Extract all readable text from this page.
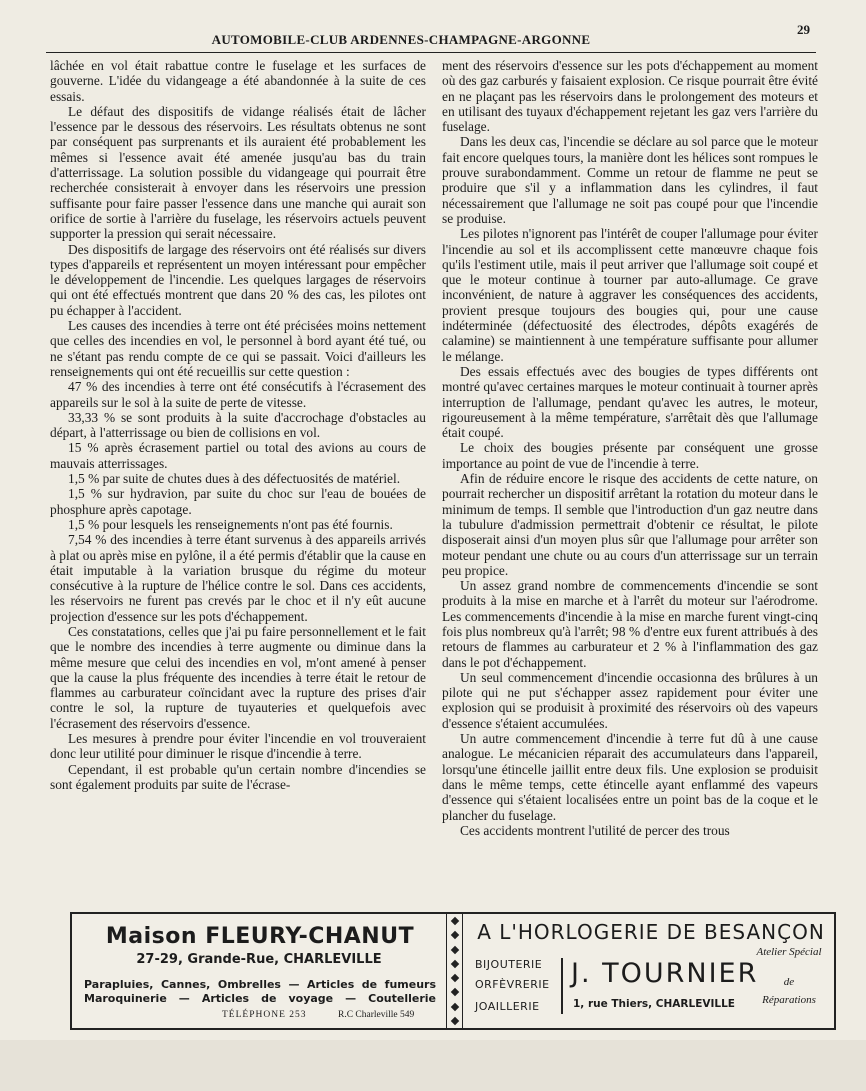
AUTOMOBILE-CLUB ARDENNES-CHAMPAGNE-ARGONNE
29

lâchée en vol était rabattue contre le fuselage et les surfaces de gouverne. L'idée du vidangeage a été abandonnée à la suite de ces essais.

Le défaut des dispositifs de vidange réalisés était de lâcher l'essence par le dessous des réservoirs. Les résultats obtenus ne sont par conséquent pas surprenants et ils auraient été probablement les mêmes si l'essence avait été amenée jusqu'au bas du train d'atterrissage. La solution possible du vidangeage qui pourrait être recherchée consisterait à envoyer dans les réservoirs une pression suffisante pour faire passer l'essence dans une manche qui aurait son orifice de sortie à l'arrière du fuselage, les réservoirs actuels peuvent supporter la pression qui serait nécessaire.

Des dispositifs de largage des réservoirs ont été réalisés sur divers types d'appareils et représentent un moyen intéressant pour empêcher le développement de l'incendie. Les quelques largages de réservoirs qui ont été effectués montrent que dans 20 % des cas, les pilotes ont pu échapper à l'accident.

Les causes des incendies à terre ont été précisées moins nettement que celles des incendies en vol, le personnel à bord ayant été tué, ou ne s'étant pas rendu compte de ce qui se passait. Voici d'ailleurs les renseignements qui ont été recueillis sur cette question :

47 % des incendies à terre ont été consécutifs à l'écrasement des appareils sur le sol à la suite de perte de vitesse.

33,33 % se sont produits à la suite d'accrochage d'obstacles au départ, à l'atterrissage ou bien de collisions en vol.

15 % après écrasement partiel ou total des avions au cours de mauvais atterrissages.

1,5 % par suite de chutes dues à des défectuosités de matériel.

1,5 % sur hydravion, par suite du choc sur l'eau de bouées de phosphure après capotage.

1,5 % pour lesquels les renseignements n'ont pas été fournis.

7,54 % des incendies à terre étant survenus à des appareils arrivés à plat ou après mise en pylône, il a été permis d'établir que la cause en était imputable à la variation brusque du régime du moteur consécutive à la rupture de l'hélice contre le sol. Dans ces accidents, les réservoirs ne furent pas crevés par le choc et il n'y eût aucune projection d'essence sur les pots d'échappement.

Ces constatations, celles que j'ai pu faire personnellement et le fait que le nombre des incendies à terre augmente ou diminue dans la même mesure que celui des incendies en vol, m'ont amené à penser que la cause la plus fréquente des incendies à terre était le retour de flammes au carburateur coïncidant avec la rupture des prises d'air contre le sol, la rupture de tuyauteries et quelquefois avec l'écrasement des réservoirs d'essence.

Les mesures à prendre pour éviter l'incendie en vol trouveraient donc leur utilité pour diminuer le risque d'incendie à terre.

Cependant, il est probable qu'un certain nombre d'incendies se sont également produits par suite de l'écrase-

ment des réservoirs d'essence sur les pots d'échappement au moment où des gaz carburés y faisaient explosion. Ce risque pourrait être évité en ne plaçant pas les réservoirs dans le prolongement des moteurs et en utilisant des tuyaux d'échappement rejetant les gaz vers l'arrière du fuselage.

Dans les deux cas, l'incendie se déclare au sol parce que le moteur fait encore quelques tours, la manière dont les hélices sont rompues le prouve surabondamment. Comme un retour de flamme ne peut se produire que s'il y a inflammation dans les cylindres, il faut nécessairement que l'allumage ne soit pas coupé pour que l'incendie se produise.

Les pilotes n'ignorent pas l'intérêt de couper l'allumage pour éviter l'incendie au sol et ils accomplissent cette manœuvre chaque fois qu'ils l'estiment utile, mais il peut arriver que l'allumage soit coupé et que le moteur continue à tourner par auto-allumage. Ce grave inconvénient, de nature à aggraver les conséquences des accidents, provient presque toujours des bougies qui, pour une cause indéterminée (défectuosité des électrodes, dépôts exagérés de calamine) se maintiennent à une température suffisante pour allumer le mélange.

Des essais effectués avec des bougies de types différents ont montré qu'avec certaines marques le moteur continuait à tourner après interruption de l'allumage, pendant qu'avec les autres, le moteur, rigoureusement à la même température, s'arrêtait dès que l'allumage était coupé.

Le choix des bougies présente par conséquent une grosse importance au point de vue de l'incendie à terre.

Afin de réduire encore le risque des accidents de cette nature, on pourrait rechercher un dispositif arrêtant la rotation du moteur dans le minimum de temps. Il semble que l'introduction d'un gaz neutre dans la tubulure d'admission permettrait d'obtenir ce résultat, le pilote disposerait ainsi d'un moyen plus sûr que l'allumage pour arrêter son moteur pendant une chute ou au cours d'un atterrissage sur un terrain peu propice.

Un assez grand nombre de commencements d'incendie se sont produits à la mise en marche et à l'arrêt du moteur sur l'aérodrome. Les commencements d'incendie à la mise en marche furent vingt-cinq fois plus nombreux qu'à l'arrêt; 98 % d'entre eux furent attribués à des retours de flammes au carburateur et 2 % à l'inflammation des gaz dans le pot d'échappement.

Un seul commencement d'incendie occasionna des brûlures à un pilote qui ne put s'échapper assez rapidement pour éviter une explosion qui se produisit à proximité des réservoirs où des vapeurs d'essence s'étaient accumulées.

Un autre commencement d'incendie à terre fut dû à une cause analogue. Le mécanicien réparait des accumulateurs dans l'appareil, lorsqu'une étincelle jaillit entre deux fils. Une explosion se produisit dans le même temps, cette étincelle ayant enflammé des vapeurs d'essence qui s'étaient localisées entre un point bas de la coque et le plancher du fuselage.

Ces accidents montrent l'utilité de percer des trous

Maison FLEURY-CHANUT
27-29, Grande-Rue, CHARLEVILLE
Parapluies, Cannes, Ombrelles — Articles de fumeurs
Maroquinerie — Articles de voyage — Coutellerie
TÉLÉPHONE 253	R.C Charleville 549
A L'HORLOGERIE DE BESANÇON
BIJOUTERIE
ORFÈVRERIE
JOAILLERIE
J. TOURNIER
1, rue Thiers, CHARLEVILLE
Atelier Spécial
de
Réparations
